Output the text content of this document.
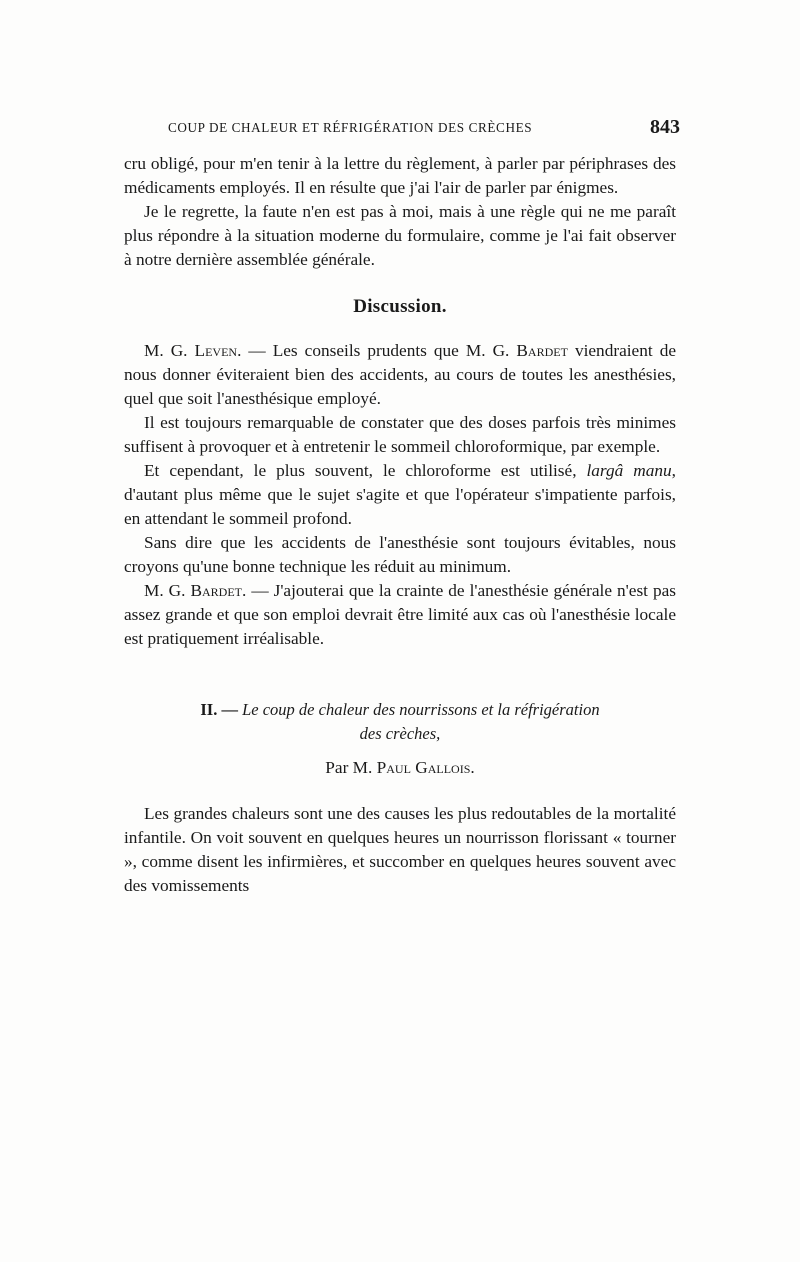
COUP DE CHALEUR ET RÉFRIGÉRATION DES CRÈCHES	843

cru obligé, pour m'en tenir à la lettre du règlement, à parler par périphrases des médicaments employés. Il en résulte que j'ai l'air de parler par énigmes.

Je le regrette, la faute n'en est pas à moi, mais à une règle qui ne me paraît plus répondre à la situation moderne du formulaire, comme je l'ai fait observer à notre dernière assemblée générale.

Discussion.

M. G. Leven. — Les conseils prudents que M. G. Bardet viendraient de nous donner éviteraient bien des accidents, au cours de toutes les anesthésies, quel que soit l'anesthésique employé.

Il est toujours remarquable de constater que des doses parfois très minimes suffisent à provoquer et à entretenir le sommeil chloroformique, par exemple.

Et cependant, le plus souvent, le chloroforme est utilisé, largâ manu, d'autant plus même que le sujet s'agite et que l'opérateur s'impatiente parfois, en attendant le sommeil profond.

Sans dire que les accidents de l'anesthésie sont toujours évitables, nous croyons qu'une bonne technique les réduit au minimum.

M. G. Bardet. — J'ajouterai que la crainte de l'anesthésie générale n'est pas assez grande et que son emploi devrait être limité aux cas où l'anesthésie locale est pratiquement irréalisable.

II. — Le coup de chaleur des nourrissons et la réfrigération
des crèches,
Par M. Paul Gallois.

Les grandes chaleurs sont une des causes les plus redoutables de la mortalité infantile. On voit souvent en quelques heures un nourrisson florissant « tourner », comme disent les infirmières, et succomber en quelques heures souvent avec des vomissements
